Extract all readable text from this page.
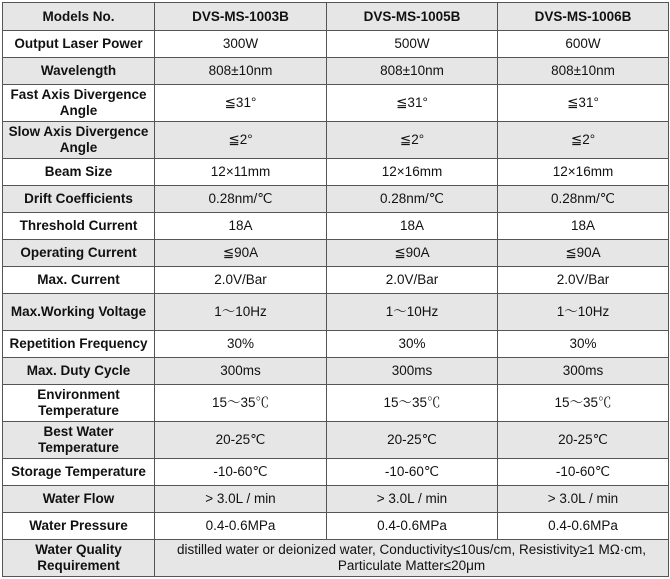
Models No.	DVS-MS-1003B	DVS-MS-1005B	DVS-MS-1006B
Output Laser Power	300W	500W	600W
Wavelength	808±10nm	808±10nm	808±10nm
Fast Axis Divergence Angle	≦31°	≦31°	≦31°
Slow Axis Divergence Angle	≦2°	≦2°	≦2°
Beam Size	12×11mm	12×16mm	12×16mm
Drift Coefficients	0.28nm/℃	0.28nm/℃	0.28nm/℃
Threshold Current	18A	18A	18A
Operating Current	≦90A	≦90A	≦90A
Max. Current	2.0V/Bar	2.0V/Bar	2.0V/Bar
Max.Working Voltage	1～10Hz	1～10Hz	1～10Hz
Repetition Frequency	30%	30%	30%
Max. Duty Cycle	300ms	300ms	300ms
Environment Temperature	15～35℃	15～35℃	15～35℃
Best Water Temperature	20-25℃	20-25℃	20-25℃
Storage Temperature	-10-60℃	-10-60℃	-10-60℃
Water Flow	> 3.0L / min	> 3.0L / min	> 3.0L / min
Water Pressure	0.4-0.6MPa	0.4-0.6MPa	0.4-0.6MPa
Water Quality Requirement	distilled water or deionized water, Conductivity≤10us/cm, Resistivity≥1 MΩ·cm, Particulate Matter≤20μm		
